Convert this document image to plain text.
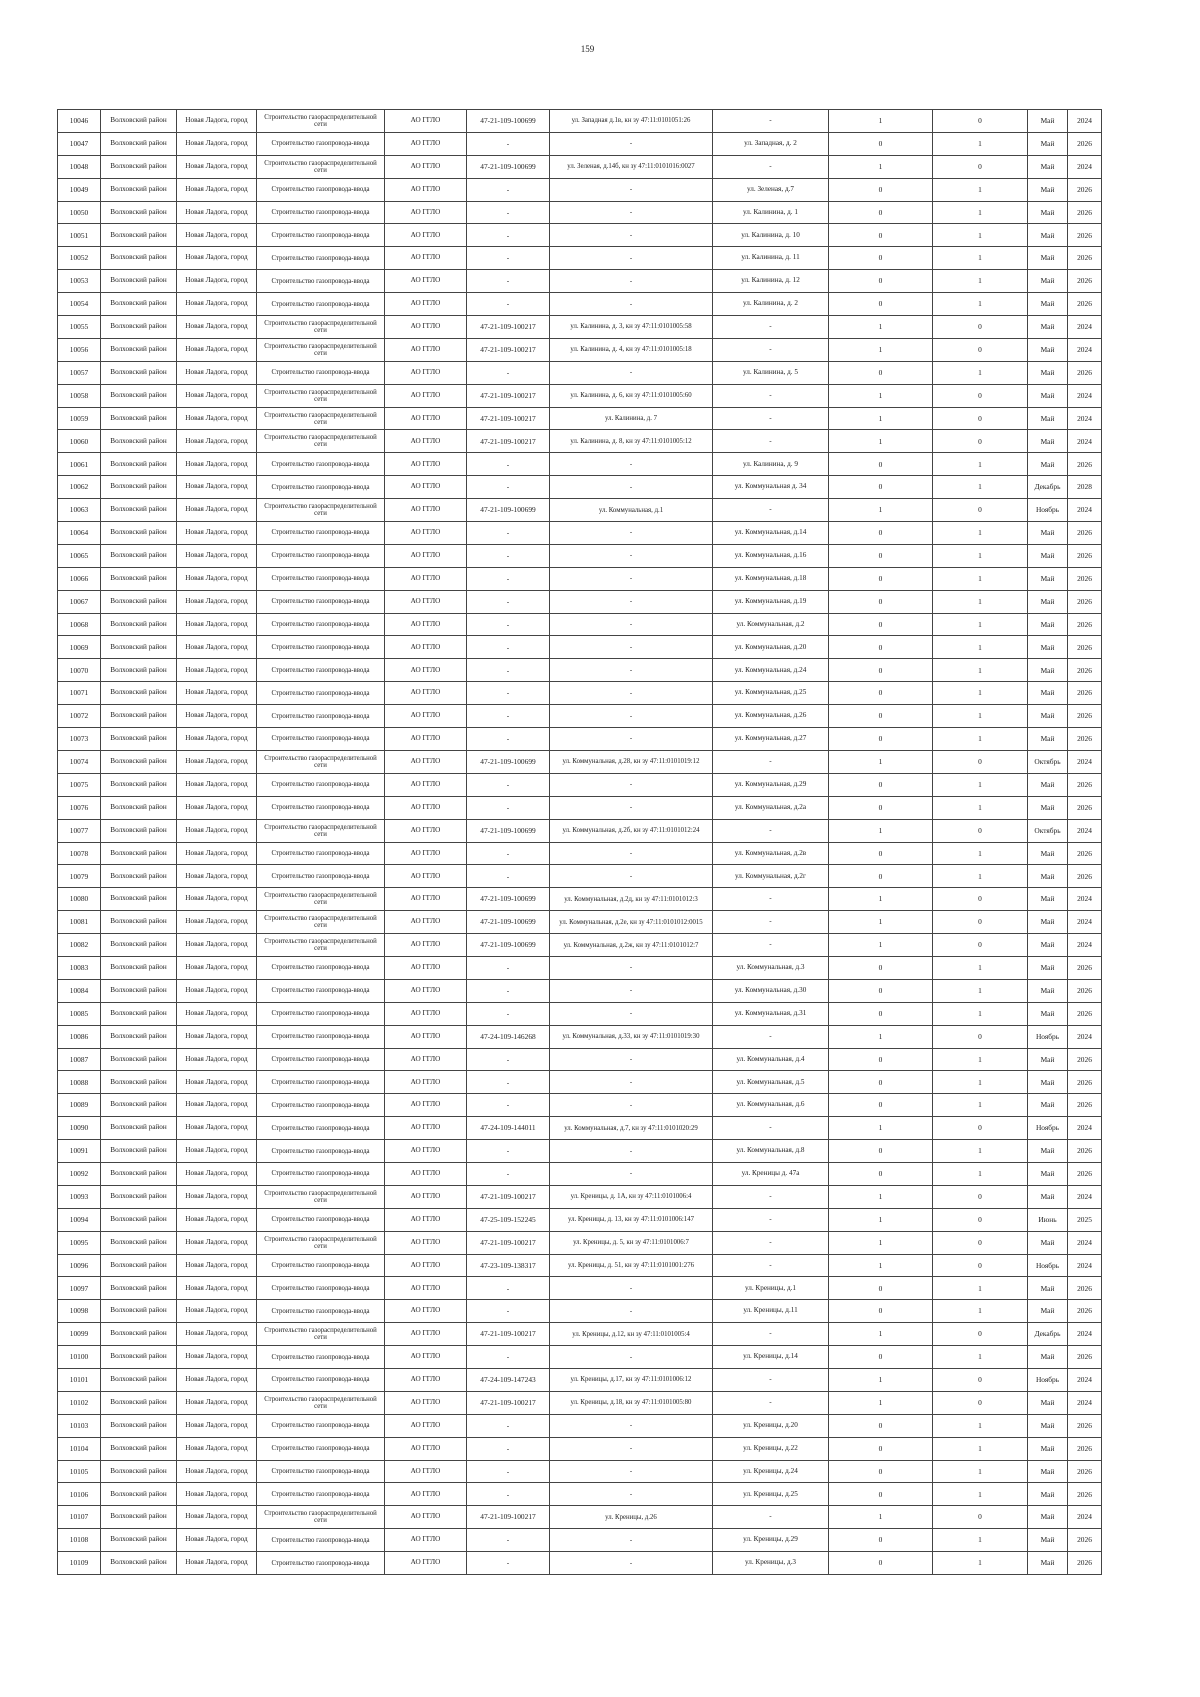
159
10046	Волховский район	Новая Ладога, город	Строительство газораспределительной сети	АО ГГЛО	47-21-109-100699	ул. Западная д.1в, кн зу 47:11:0101051:26	-	1	0	Май	2024
10047	Волховский район	Новая Ладога, город	Строительство газопровода-ввода	АО ГГЛО	-	-	ул. Западная, д. 2	0	1	Май	2026
10048	Волховский район	Новая Ладога, город	Строительство газораспределительной сети	АО ГГЛО	47-21-109-100699	ул. Зеленая, д.14б, кн зу 47:11:0101016:0027	-	1	0	Май	2024
10049	Волховский район	Новая Ладога, город	Строительство газопровода-ввода	АО ГГЛО	-	-	ул. Зеленая, д.7	0	1	Май	2026
10050	Волховский район	Новая Ладога, город	Строительство газопровода-ввода	АО ГГЛО	-	-	ул. Калинина, д. 1	0	1	Май	2026
10051	Волховский район	Новая Ладога, город	Строительство газопровода-ввода	АО ГГЛО	-	-	ул. Калинина, д. 10	0	1	Май	2026
10052	Волховский район	Новая Ладога, город	Строительство газопровода-ввода	АО ГГЛО	-	-	ул. Калинина, д. 11	0	1	Май	2026
10053	Волховский район	Новая Ладога, город	Строительство газопровода-ввода	АО ГГЛО	-	-	ул. Калинина, д. 12	0	1	Май	2026
10054	Волховский район	Новая Ладога, город	Строительство газопровода-ввода	АО ГГЛО	-	-	ул. Калинина, д. 2	0	1	Май	2026
10055	Волховский район	Новая Ладога, город	Строительство газораспределительной сети	АО ГГЛО	47-21-109-100217	ул. Калинина, д. 3, кн зу 47:11:0101005:58	-	1	0	Май	2024
10056	Волховский район	Новая Ладога, город	Строительство газораспределительной сети	АО ГГЛО	47-21-109-100217	ул. Калинина, д. 4, кн зу 47:11:0101005:18	-	1	0	Май	2024
10057	Волховский район	Новая Ладога, город	Строительство газопровода-ввода	АО ГГЛО	-	-	ул. Калинина, д. 5	0	1	Май	2026
10058	Волховский район	Новая Ладога, город	Строительство газораспределительной сети	АО ГГЛО	47-21-109-100217	ул. Калинина, д. 6, кн зу 47:11:0101005:60	-	1	0	Май	2024
10059	Волховский район	Новая Ладога, город	Строительство газораспределительной сети	АО ГГЛО	47-21-109-100217	ул. Калинина, д. 7	-	1	0	Май	2024
10060	Волховский район	Новая Ладога, город	Строительство газораспределительной сети	АО ГГЛО	47-21-109-100217	ул. Калинина, д. 8, кн зу 47:11:0101005:12	-	1	0	Май	2024
10061	Волховский район	Новая Ладога, город	Строительство газопровода-ввода	АО ГГЛО	-	-	ул. Калинина, д. 9	0	1	Май	2026
10062	Волховский район	Новая Ладога, город	Строительство газопровода-ввода	АО ГГЛО	-	-	ул. Коммунальная д. 34	0	1	Декабрь	2028
10063	Волховский район	Новая Ладога, город	Строительство газораспределительной сети	АО ГГЛО	47-21-109-100699	ул. Коммунальная, д.1	-	1	0	Ноябрь	2024
10064	Волховский район	Новая Ладога, город	Строительство газопровода-ввода	АО ГГЛО	-	-	ул. Коммунальная, д.14	0	1	Май	2026
10065	Волховский район	Новая Ладога, город	Строительство газопровода-ввода	АО ГГЛО	-	-	ул. Коммунальная, д.16	0	1	Май	2026
10066	Волховский район	Новая Ладога, город	Строительство газопровода-ввода	АО ГГЛО	-	-	ул. Коммунальная, д.18	0	1	Май	2026
10067	Волховский район	Новая Ладога, город	Строительство газопровода-ввода	АО ГГЛО	-	-	ул. Коммунальная, д.19	0	1	Май	2026
10068	Волховский район	Новая Ладога, город	Строительство газопровода-ввода	АО ГГЛО	-	-	ул. Коммунальная, д.2	0	1	Май	2026
10069	Волховский район	Новая Ладога, город	Строительство газопровода-ввода	АО ГГЛО	-	-	ул. Коммунальная, д.20	0	1	Май	2026
10070	Волховский район	Новая Ладога, город	Строительство газопровода-ввода	АО ГГЛО	-	-	ул. Коммунальная, д.24	0	1	Май	2026
10071	Волховский район	Новая Ладога, город	Строительство газопровода-ввода	АО ГГЛО	-	-	ул. Коммунальная, д.25	0	1	Май	2026
10072	Волховский район	Новая Ладога, город	Строительство газопровода-ввода	АО ГГЛО	-	-	ул. Коммунальная, д.26	0	1	Май	2026
10073	Волховский район	Новая Ладога, город	Строительство газопровода-ввода	АО ГГЛО	-	-	ул. Коммунальная, д.27	0	1	Май	2026
10074	Волховский район	Новая Ладога, город	Строительство газораспределительной сети	АО ГГЛО	47-21-109-100699	ул. Коммунальная, д.28, кн зу 47:11:0101019:12	-	1	0	Октябрь	2024
10075	Волховский район	Новая Ладога, город	Строительство газопровода-ввода	АО ГГЛО	-	-	ул. Коммунальная, д.29	0	1	Май	2026
10076	Волховский район	Новая Ладога, город	Строительство газопровода-ввода	АО ГГЛО	-	-	ул. Коммунальная, д.2а	0	1	Май	2026
10077	Волховский район	Новая Ладога, город	Строительство газораспределительной сети	АО ГГЛО	47-21-109-100699	ул. Коммунальная, д.2б, кн зу 47:11:0101012:24	-	1	0	Октябрь	2024
10078	Волховский район	Новая Ладога, город	Строительство газопровода-ввода	АО ГГЛО	-	-	ул. Коммунальная, д.2в	0	1	Май	2026
10079	Волховский район	Новая Ладога, город	Строительство газопровода-ввода	АО ГГЛО	-	-	ул. Коммунальная, д.2г	0	1	Май	2026
10080	Волховский район	Новая Ладога, город	Строительство газораспределительной сети	АО ГГЛО	47-21-109-100699	ул. Коммунальная, д.2д, кн зу 47:11:0101012:3	-	1	0	Май	2024
10081	Волховский район	Новая Ладога, город	Строительство газораспределительной сети	АО ГГЛО	47-21-109-100699	ул. Коммунальная, д.2е, кн зу 47:11:0101012:0015	-	1	0	Май	2024
10082	Волховский район	Новая Ладога, город	Строительство газораспределительной сети	АО ГГЛО	47-21-109-100699	ул. Коммунальная, д.2ж, кн зу 47:11:0101012:7	-	1	0	Май	2024
10083	Волховский район	Новая Ладога, город	Строительство газопровода-ввода	АО ГГЛО	-	-	ул. Коммунальная, д.3	0	1	Май	2026
10084	Волховский район	Новая Ладога, город	Строительство газопровода-ввода	АО ГГЛО	-	-	ул. Коммунальная, д.30	0	1	Май	2026
10085	Волховский район	Новая Ладога, город	Строительство газопровода-ввода	АО ГГЛО	-	-	ул. Коммунальная, д.31	0	1	Май	2026
10086	Волховский район	Новая Ладога, город	Строительство газопровода-ввода	АО ГГЛО	47-24-109-146268	ул. Коммунальная, д.33, кн зу 47:11:0101019:30	-	1	0	Ноябрь	2024
10087	Волховский район	Новая Ладога, город	Строительство газопровода-ввода	АО ГГЛО	-	-	ул. Коммунальная, д.4	0	1	Май	2026
10088	Волховский район	Новая Ладога, город	Строительство газопровода-ввода	АО ГГЛО	-	-	ул. Коммунальная, д.5	0	1	Май	2026
10089	Волховский район	Новая Ладога, город	Строительство газопровода-ввода	АО ГГЛО	-	-	ул. Коммунальная, д.6	0	1	Май	2026
10090	Волховский район	Новая Ладога, город	Строительство газопровода-ввода	АО ГГЛО	47-24-109-144011	ул. Коммунальная, д.7, кн зу 47:11:0101020:29	-	1	0	Ноябрь	2024
10091	Волховский район	Новая Ладога, город	Строительство газопровода-ввода	АО ГГЛО	-	-	ул. Коммунальная, д.8	0	1	Май	2026
10092	Волховский район	Новая Ладога, город	Строительство газопровода-ввода	АО ГГЛО	-	-	ул. Креницы д. 47а	0	1	Май	2026
10093	Волховский район	Новая Ладога, город	Строительство газораспределительной сети	АО ГГЛО	47-21-109-100217	ул. Креницы, д. 1А, кн зу 47:11:0101006:4	-	1	0	Май	2024
10094	Волховский район	Новая Ладога, город	Строительство газопровода-ввода	АО ГГЛО	47-25-109-152245	ул. Креницы, д. 13, кн зу 47:11:0101006:147	-	1	0	Июнь	2025
10095	Волховский район	Новая Ладога, город	Строительство газораспределительной сети	АО ГГЛО	47-21-109-100217	ул. Креницы, д. 5, кн зу 47:11:0101006:7	-	1	0	Май	2024
10096	Волховский район	Новая Ладога, город	Строительство газопровода-ввода	АО ГГЛО	47-23-109-138317	ул. Креницы, д. 51, кн зу 47:11:0101001:276	-	1	0	Ноябрь	2024
10097	Волховский район	Новая Ладога, город	Строительство газопровода-ввода	АО ГГЛО	-	-	ул. Креницы, д.1	0	1	Май	2026
10098	Волховский район	Новая Ладога, город	Строительство газопровода-ввода	АО ГГЛО	-	-	ул. Креницы, д.11	0	1	Май	2026
10099	Волховский район	Новая Ладога, город	Строительство газораспределительной сети	АО ГГЛО	47-21-109-100217	ул. Креницы, д.12, кн зу 47:11:0101005:4	-	1	0	Декабрь	2024
10100	Волховский район	Новая Ладога, город	Строительство газопровода-ввода	АО ГГЛО	-	-	ул. Креницы, д.14	0	1	Май	2026
10101	Волховский район	Новая Ладога, город	Строительство газопровода-ввода	АО ГГЛО	47-24-109-147243	ул. Креницы, д.17, кн зу 47:11:0101006:12	-	1	0	Ноябрь	2024
10102	Волховский район	Новая Ладога, город	Строительство газораспределительной сети	АО ГГЛО	47-21-109-100217	ул. Креницы, д.18, кн зу 47:11:0101005:80	-	1	0	Май	2024
10103	Волховский район	Новая Ладога, город	Строительство газопровода-ввода	АО ГГЛО	-	-	ул. Креницы, д.20	0	1	Май	2026
10104	Волховский район	Новая Ладога, город	Строительство газопровода-ввода	АО ГГЛО	-	-	ул. Креницы, д.22	0	1	Май	2026
10105	Волховский район	Новая Ладога, город	Строительство газопровода-ввода	АО ГГЛО	-	-	ул. Креницы, д.24	0	1	Май	2026
10106	Волховский район	Новая Ладога, город	Строительство газопровода-ввода	АО ГГЛО	-	-	ул. Креницы, д.25	0	1	Май	2026
10107	Волховский район	Новая Ладога, город	Строительство газораспределительной сети	АО ГГЛО	47-21-109-100217	ул. Креницы, д.26	-	1	0	Май	2024
10108	Волховский район	Новая Ладога, город	Строительство газопровода-ввода	АО ГГЛО	-	-	ул. Креницы, д.29	0	1	Май	2026
10109	Волховский район	Новая Ладога, город	Строительство газопровода-ввода	АО ГГЛО	-	-	ул. Креницы, д.3	0	1	Май	2026
